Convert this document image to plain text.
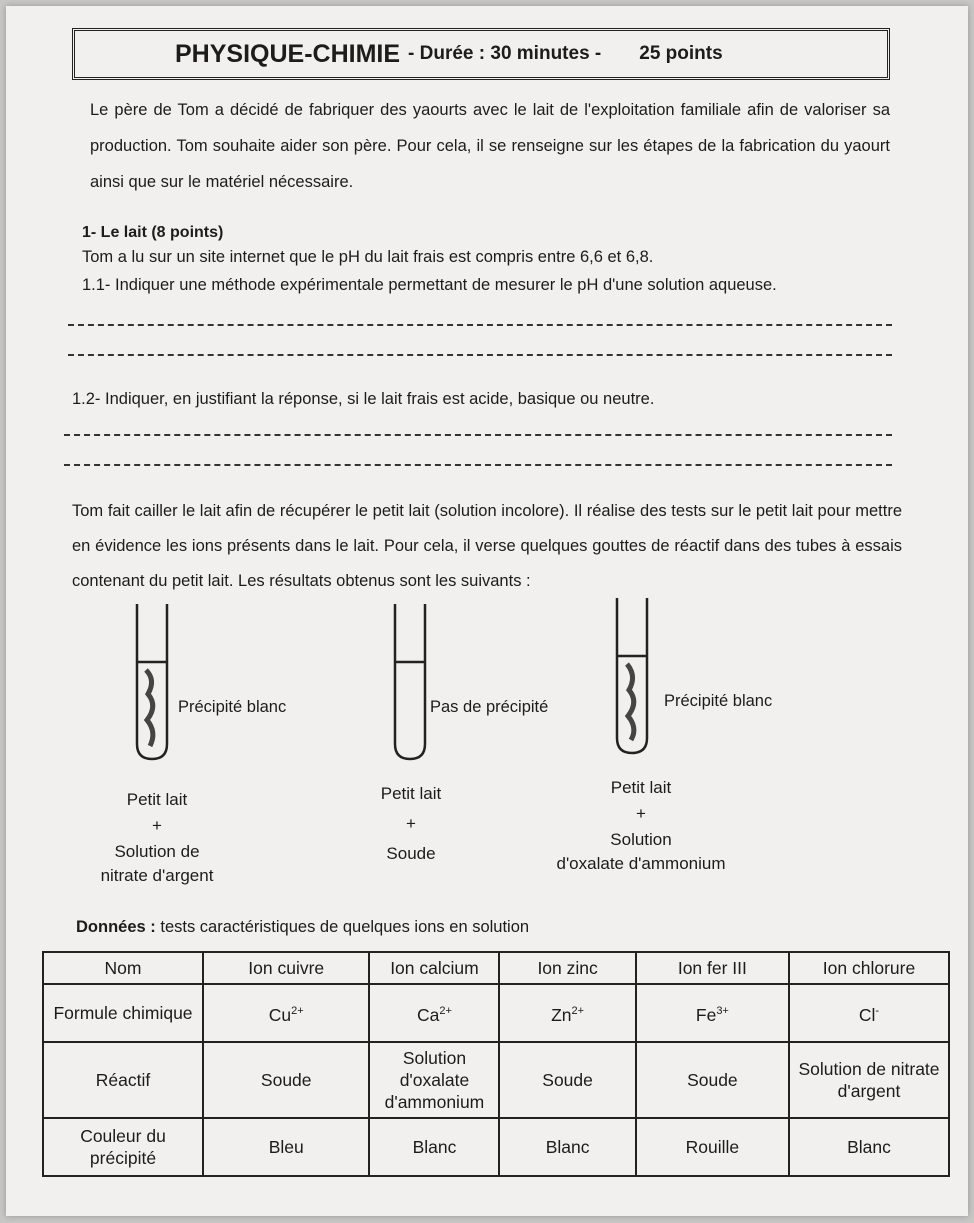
PHYSIQUE-CHIMIE - Durée : 30 minutes - 25 points

Le père de Tom a décidé de fabriquer des yaourts avec le lait de l'exploitation familiale afin de valoriser sa production. Tom souhaite aider son père. Pour cela, il se renseigne sur les étapes de la fabrication du yaourt ainsi que sur le matériel nécessaire.

1- Le lait (8 points)
Tom a lu sur un site internet que le pH du lait frais est compris entre 6,6 et 6,8.
1.1- Indiquer une méthode expérimentale permettant de mesurer le pH d'une solution aqueuse.
1.2- Indiquer, en justifiant la réponse, si le lait frais est acide, basique ou neutre.

Tom fait cailler le lait afin de récupérer le petit lait (solution incolore). Il réalise des tests sur le petit lait pour mettre en évidence les ions présents dans le lait. Pour cela, il verse quelques gouttes de réactif dans des tubes à essais contenant du petit lait. Les résultats obtenus sont les suivants :

Précipité blanc	Pas de précipité	Précipité blanc
Petit lait
+
Solution de
nitrate d'argent
Petit lait
+
Soude
Petit lait
+
Solution
d'oxalate d'ammonium
Données : tests caractéristiques de quelques ions en solution
Nom	Ion cuivre	Ion calcium	Ion zinc	Ion fer III	Ion chlorure
Formule chimique	$Cu^{2+}$	$Ca^{2+}$	$Zn^{2+}$	$Fe^{3+}$	Cl-
Réactif	Soude	Solution d'oxalate d'ammonium	Soude	Soude	Solution de nitrate d'argent
Couleur du précipité	Bleu	Blanc	Blanc	Rouille	Blanc
